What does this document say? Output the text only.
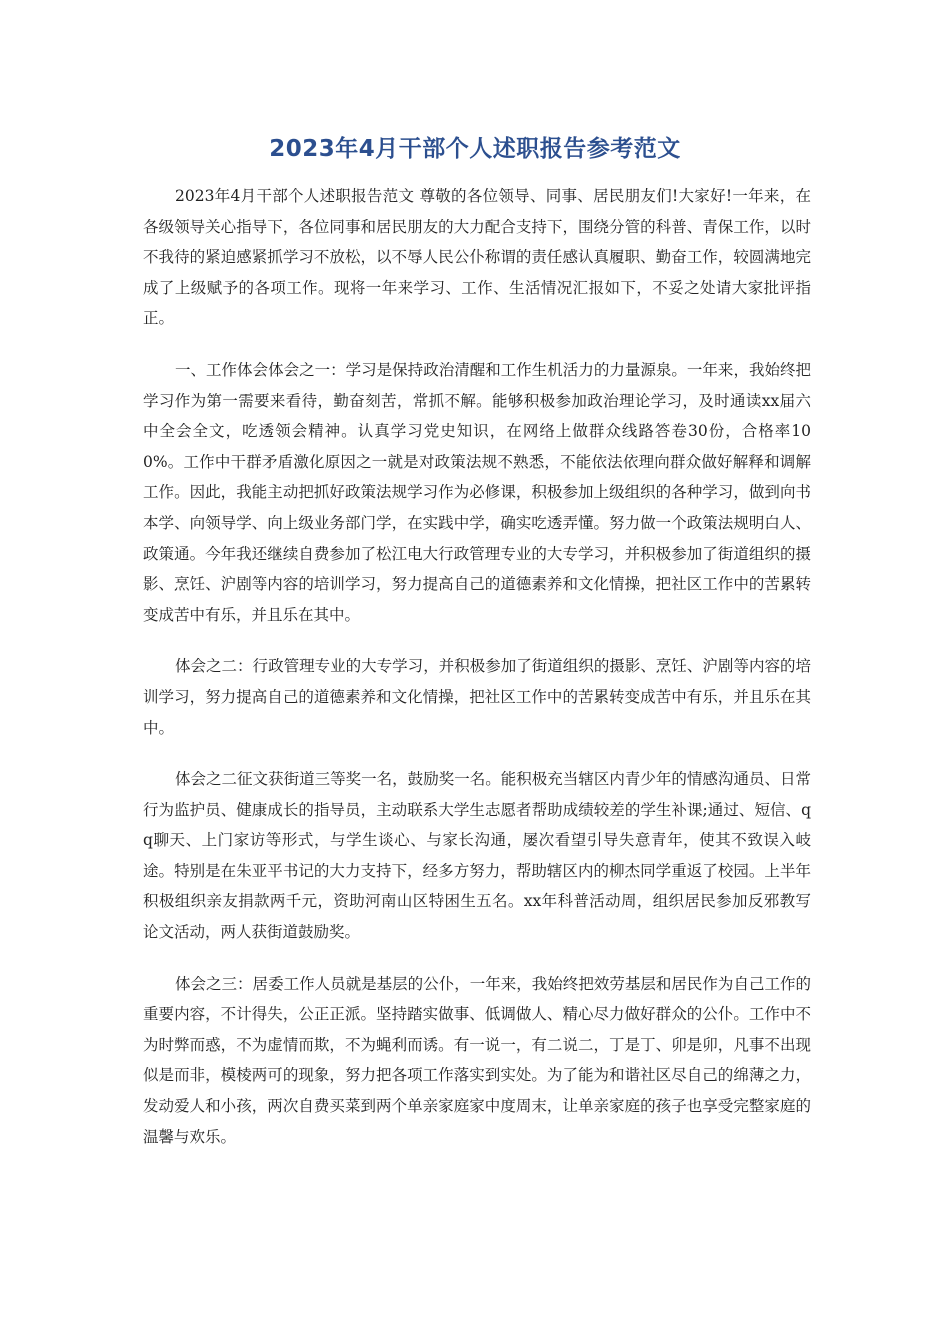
2023年4月干部个人述职报告参考范文

2023年4月干部个人述职报告范文 尊敬的各位领导、同事、居民朋友们!大家好!一年来，在各级领导关心指导下，各位同事和居民朋友的大力配合支持下，围绕分管的科普、青保工作，以时不我待的紧迫感紧抓学习不放松，以不辱人民公仆称谓的责任感认真履职、勤奋工作，较圆满地完成了上级赋予的各项工作。现将一年来学习、工作、生活情况汇报如下，不妥之处请大家批评指正。

一、工作体会体会之一：学习是保持政治清醒和工作生机活力的力量源泉。一年来，我始终把学习作为第一需要来看待，勤奋刻苦，常抓不解。能够积极参加政治理论学习，及时通读xx届六中全会全文，吃透领会精神。认真学习党史知识，在网络上做群众线路答卷30份，合格率100%。工作中干群矛盾激化原因之一就是对政策法规不熟悉，不能依法依理向群众做好解释和调解工作。因此，我能主动把抓好政策法规学习作为必修课，积极参加上级组织的各种学习，做到向书本学、向领导学、向上级业务部门学，在实践中学，确实吃透弄懂。努力做一个政策法规明白人、政策通。今年我还继续自费参加了松江电大行政管理专业的大专学习，并积极参加了街道组织的摄影、烹饪、沪剧等内容的培训学习，努力提高自己的道德素养和文化情操，把社区工作中的苦累转变成苦中有乐，并且乐在其中。

体会之二：行政管理专业的大专学习，并积极参加了街道组织的摄影、烹饪、沪剧等内容的培训学习，努力提高自己的道德素养和文化情操，把社区工作中的苦累转变成苦中有乐，并且乐在其中。

体会之二征文获街道三等奖一名，鼓励奖一名。能积极充当辖区内青少年的情感沟通员、日常行为监护员、健康成长的指导员，主动联系大学生志愿者帮助成绩较差的学生补课;通过、短信、qq聊天、上门家访等形式，与学生谈心、与家长沟通，屡次看望引导失意青年，使其不致误入岐途。特别是在朱亚平书记的大力支持下，经多方努力，帮助辖区内的柳杰同学重返了校园。上半年积极组织亲友捐款两千元，资助河南山区特困生五名。xx年科普活动周，组织居民参加反邪教写论文活动，两人获街道鼓励奖。

体会之三：居委工作人员就是基层的公仆，一年来，我始终把效劳基层和居民作为自己工作的重要内容，不计得失，公正正派。坚持踏实做事、低调做人、精心尽力做好群众的公仆。工作中不为时弊而惑，不为虚情而欺，不为蝇利而诱。有一说一，有二说二，丁是丁、卯是卯，凡事不出现似是而非，模棱两可的现象，努力把各项工作落实到实处。为了能为和谐社区尽自己的绵薄之力，发动爱人和小孩，两次自费买菜到两个单亲家庭家中度周末，让单亲家庭的孩子也享受完整家庭的温馨与欢乐。
